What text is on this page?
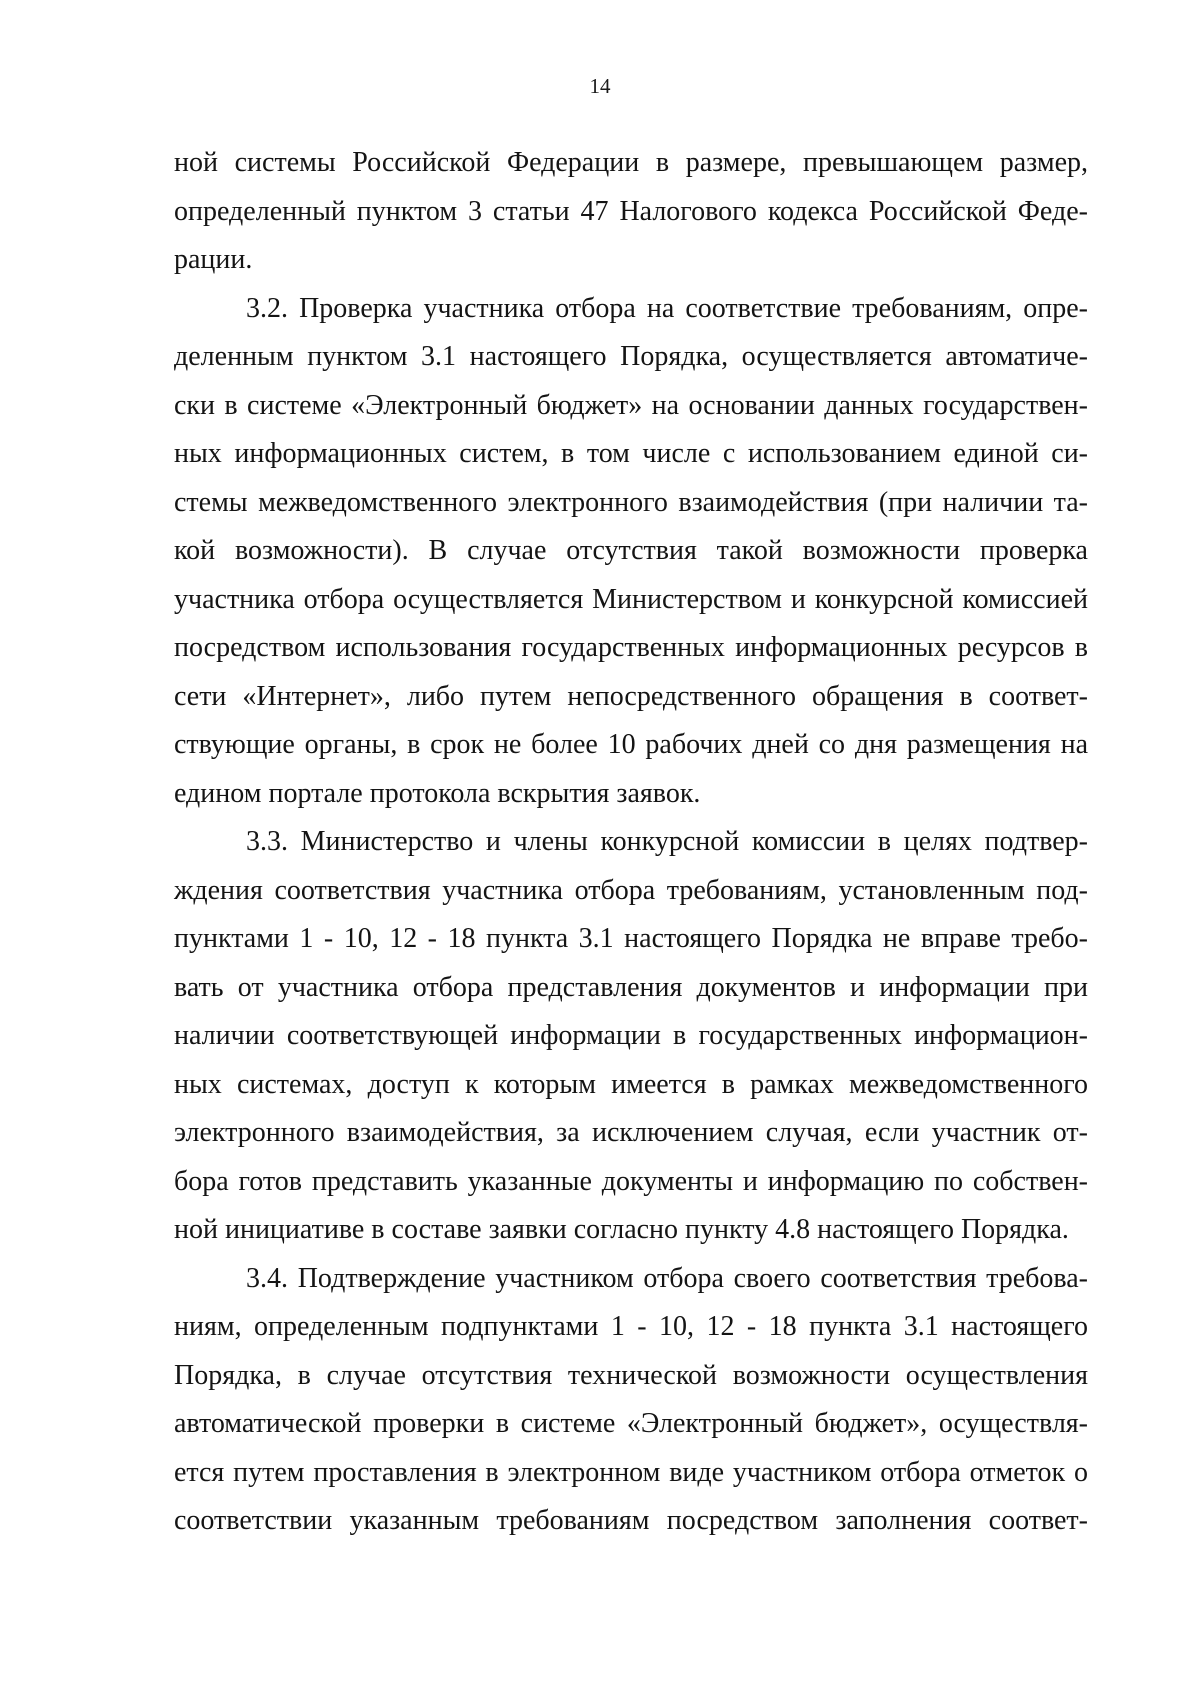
14
ной системы Российской Федерации в размере, превышающем размер,
определенный пунктом 3 статьи 47 Налогового кодекса Российской Феде-
рации.
3.2. Проверка участника отбора на соответствие требованиям, опре-
деленным пунктом 3.1 настоящего Порядка, осуществляется автоматиче-
ски в системе «Электронный бюджет» на основании данных государствен-
ных информационных систем, в том числе с использованием единой си-
стемы межведомственного электронного взаимодействия (при наличии та-
кой возможности). В случае отсутствия такой возможности проверка
участника отбора осуществляется Министерством и конкурсной комиссией
посредством использования государственных информационных ресурсов в
сети «Интернет», либо путем непосредственного обращения в соответ-
ствующие органы, в срок не более 10 рабочих дней со дня размещения на
едином портале протокола вскрытия заявок.
3.3. Министерство и члены конкурсной комиссии в целях подтвер-
ждения соответствия участника отбора требованиям, установленным под-
пунктами 1 - 10, 12 - 18 пункта 3.1 настоящего Порядка не вправе требо-
вать от участника отбора представления документов и информации при
наличии соответствующей информации в государственных информацион-
ных системах, доступ к которым имеется в рамках межведомственного
электронного взаимодействия, за исключением случая, если участник от-
бора готов представить указанные документы и информацию по собствен-
ной инициативе в составе заявки согласно пункту 4.8 настоящего Порядка.
3.4. Подтверждение участником отбора своего соответствия требова-
ниям, определенным подпунктами 1 - 10, 12 - 18 пункта 3.1 настоящего
Порядка, в случае отсутствия технической возможности осуществления
автоматической проверки в системе «Электронный бюджет», осуществля-
ется путем проставления в электронном виде участником отбора отметок о
соответствии указанным требованиям посредством заполнения соответ-
